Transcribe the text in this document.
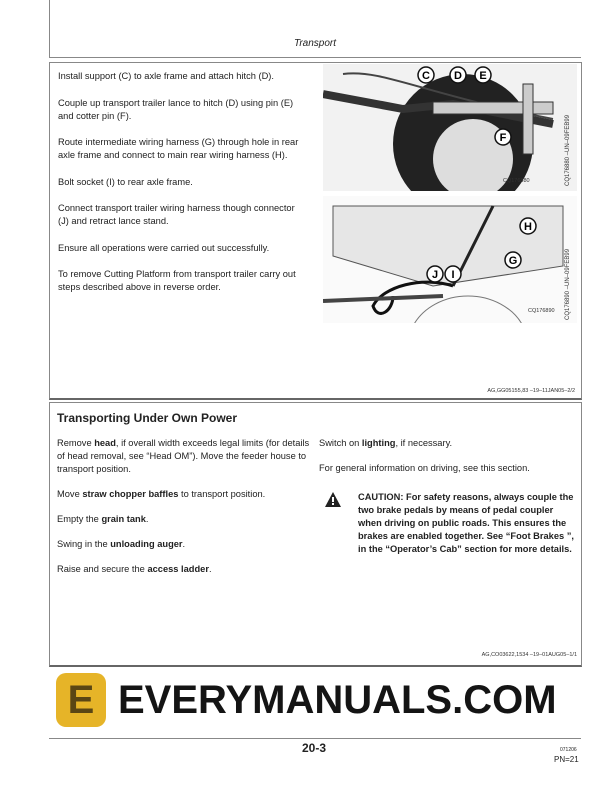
Transport
Install support (C) to axle frame and attach hitch (D).
Couple up transport trailer lance to hitch (D) using pin (E)
and cotter pin (F).
Route intermediate wiring harness (G) through hole in rear
axle frame and connect to main rear wiring harness (H).
Bolt socket (I) to rear axle frame.
Connect transport trailer wiring harness though connector
(J) and retract lance stand.
Ensure all operations were carried out successfully.
To remove Cutting Platform from transport trailer carry out
steps described above in reverse order.
C D E
F
CQ176880	CQ176880 –UN–09FEB99
H
J I
G
CQ176890 CQ176890 –UN–09FEB99
AG,GG05155,83 –19–11JAN05–2/2
Transporting Under Own Power
Remove head, if overall width exceeds legal limits (for details of head removal, see “Head OM”). Move the feeder house to transport position.
Move straw chopper baffles to transport position.
Empty the grain tank.
Swing in the unloading auger.
Raise and secure the access ladder.
Switch on lighting, if necessary.
For general information on driving, see this section.
CAUTION: For safety reasons, always couple the two brake pedals by means of pedal coupler when driving on public roads. This ensures the brakes are enabled together. See “Foot Brakes ”, in the “Operator’s Cab” section for more details.
AG,CO03622,1534 –19–01AUG05–1/1
E EVERYMANUALS.COM
20-3	071206
PN=21
